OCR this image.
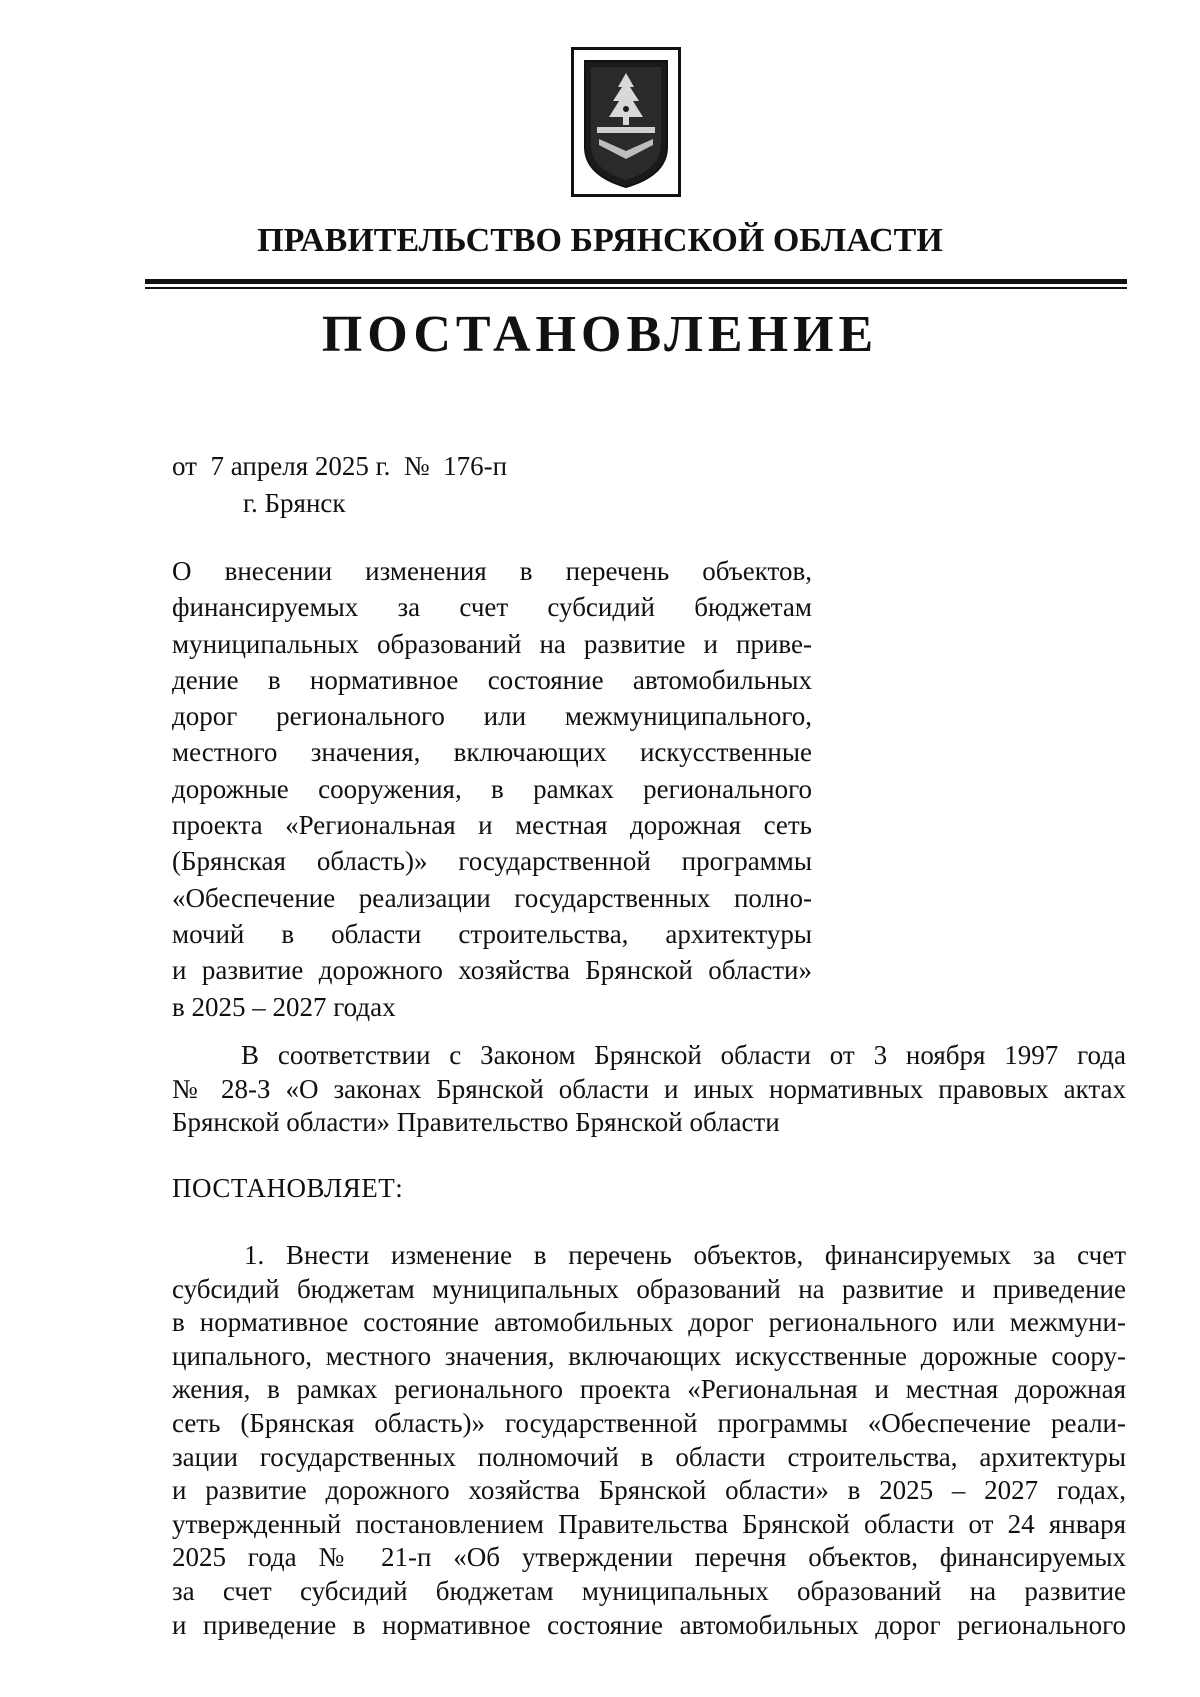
ПРАВИТЕЛЬСТВО БРЯНСКОЙ ОБЛАСТИ
ПОСТАНОВЛЕНИЕ

от  7 апреля 2025 г.  №  176-п

г. Брянск

О внесении изменения в перечень объектов,
финансируемых за счет субсидий бюджетам
муниципальных образований на развитие и приве-
дение в нормативное состояние автомобильных
дорог регионального или межмуниципального,
местного значения, включающих искусственные
дорожные сооружения, в рамках регионального
проекта «Региональная и местная дорожная сеть
(Брянская область)» государственной программы
«Обеспечение реализации государственных полно-
мочий в области строительства, архитектуры
и развитие дорожного хозяйства Брянской области»
в 2025 – 2027 годах
В соответствии с Законом Брянской области от 3 ноября 1997 года
№ 28-З «О законах Брянской области и иных нормативных правовых актах
Брянской области» Правительство Брянской области

ПОСТАНОВЛЯЕТ:

1. Внести изменение в перечень объектов, финансируемых за счет
субсидий бюджетам муниципальных образований на развитие и приведение
в нормативное состояние автомобильных дорог регионального или межмуни-
ципального, местного значения, включающих искусственные дорожные соору-
жения, в рамках регионального проекта «Региональная и местная дорожная
сеть (Брянская область)» государственной программы «Обеспечение реали-
зации государственных полномочий в области строительства, архитектуры
и развитие дорожного хозяйства Брянской области» в 2025 – 2027 годах,
утвержденный постановлением Правительства Брянской области от 24 января
2025 года № 21-п «Об утверждении перечня объектов, финансируемых
за счет субсидий бюджетам муниципальных образований на развитие
и приведение в нормативное состояние автомобильных дорог регионального
